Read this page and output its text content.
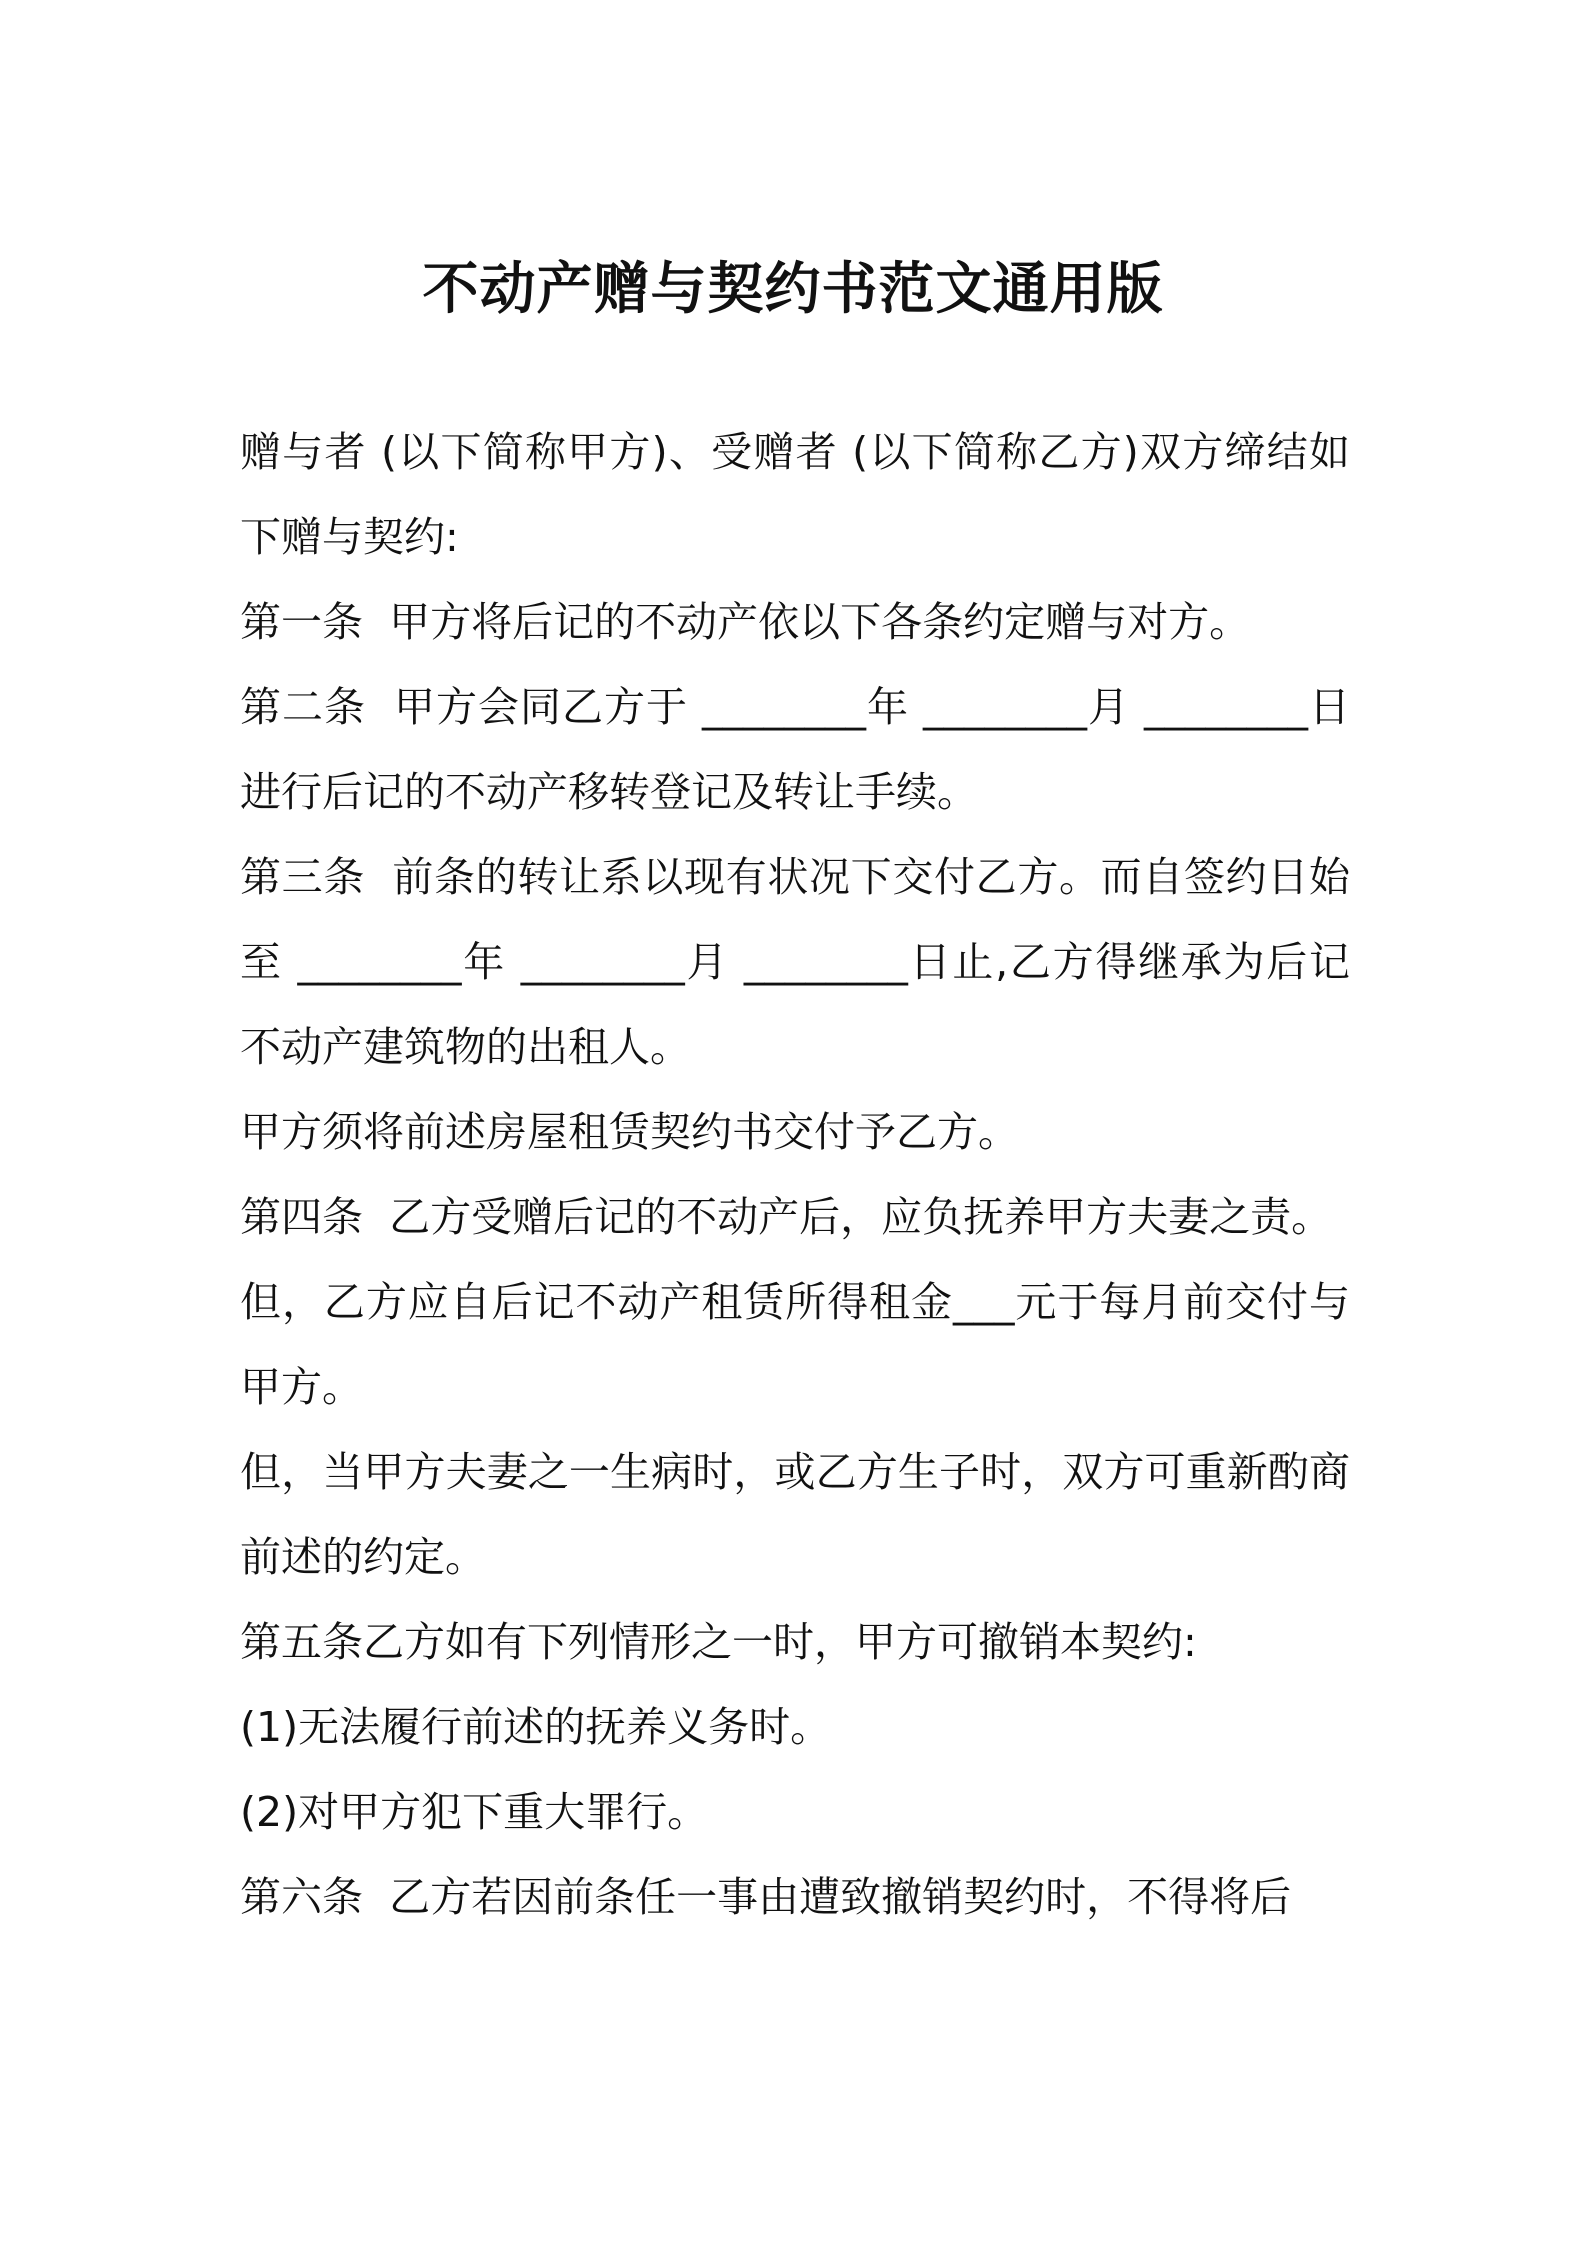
不动产赠与契约书范文通用版

赠与者 (以下简称甲方)、受赠者 (以下简称乙方)双方缔结如下赠与契约:

第一条  甲方将后记的不动产依以下各条约定赠与对方。

第二条  甲方会同乙方于 ________年 ________月 ________日进行后记的不动产移转登记及转让手续。

第三条  前条的转让系以现有状况下交付乙方。而自签约日始至 ________年 ________月 ________日止,乙方得继承为后记不动产建筑物的出租人。

甲方须将前述房屋租赁契约书交付予乙方。

第四条  乙方受赠后记的不动产后，应负抚养甲方夫妻之责。

但，乙方应自后记不动产租赁所得租金___元于每月前交付与甲方。

但，当甲方夫妻之一生病时，或乙方生子时，双方可重新酌商前述的约定。

第五条乙方如有下列情形之一时，甲方可撤销本契约:

(1)无法履行前述的抚养义务时。

(2)对甲方犯下重大罪行。

第六条  乙方若因前条任一事由遭致撤销契约时，不得将后
